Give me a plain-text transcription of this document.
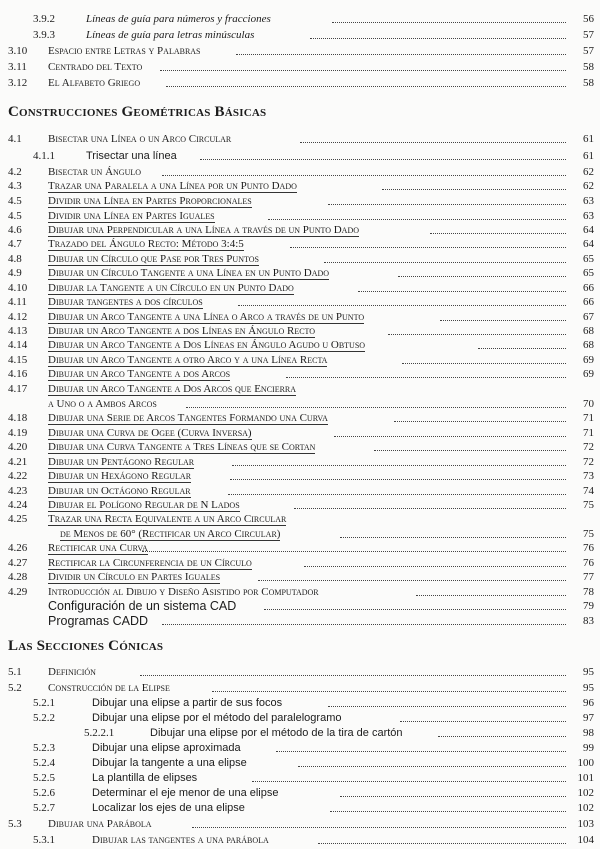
3.9.2	Líneas de guía para números y fracciones	56
3.9.3	Líneas de guía para letras minúsculas	57
3.10 Espacio entre Letras y Palabras	57
3.11 Centrado del Texto	58
3.12 El Alfabeto Griego	58
Construcciones Geométricas Básicas
4.1 Bisectar una Línea o un Arco Circular	61
4.1.1	Trisectar una línea	61
4.2 Bisectar un Ángulo	62
4.3 Trazar una Paralela a una Línea por un Punto Dado	62
4.5 Dividir una Línea en Partes Proporcionales	63
4.5 Dividir una Línea en Partes Iguales	63
4.6 Dibujar una Perpendicular a una Línea a través de un Punto Dado	64
4.7 Trazado del Ángulo Recto: Método 3:4:5	64
4.8 Dibujar un Círculo que Pase por Tres Puntos	65
4.9 Dibujar un Círculo Tangente a una Línea en un Punto Dado	65
4.10 Dibujar la Tangente a un Círculo en un Punto Dado	66
4.11 Dibujar tangentes a dos círculos	66
4.12 Dibujar un Arco Tangente a una Línea o Arco a través de un Punto	67
4.13 Dibujar un Arco Tangente a dos Líneas en Ángulo Recto	68
4.14 Dibujar un Arco Tangente a Dos Líneas en Ángulo Agudo u Obtuso	68
4.15 Dibujar un Arco Tangente a otro Arco y a una Línea Recta	69
4.16 Dibujar un Arco Tangente a dos Arcos	69
4.17 Dibujar un Arco Tangente a Dos Arcos que Encierra
a Uno o a Ambos Arcos	70
4.18 Dibujar una Serie de Arcos Tangentes Formando una Curva	71
4.19 Dibujar una Curva de Ogee (Curva Inversa)	71
4.20 Dibujar una Curva Tangente a Tres Líneas que se Cortan	72
4.21 Dibujar un Pentágono Regular	72
4.22 Dibujar un Hexágono Regular	73
4.23 Dibujar un Octágono Regular	74
4.24 Dibujar el Polígono Regular de N Lados	75
4.25 Trazar una Recta Equivalente a un Arco Circular
de Menos de 60° (Rectificar un Arco Circular)	75
4.26 Rectificar una Curva	76
4.27 Rectificar la Circunferencia de un Círculo	76
4.28 Dividir un Círculo en Partes Iguales	77
4.29 Introducción al Dibujo y Diseño Asistido por Computador	78
Configuración de un sistema CAD	79
Programas CADD	83
Las Secciones Cónicas
5.1 Definición	95
5.2 Construcción de la Elipse	95
5.2.1	Dibujar una elipse a partir de sus focos	96
5.2.2	Dibujar una elipse por el método del paralelogramo	97
5.2.2.1	Dibujar una elipse por el método de la tira de cartón	98
5.2.3	Dibujar una elipse aproximada	99
5.2.4	Dibujar la tangente a una elipse	100
5.2.5	La plantilla de elipses	101
5.2.6	Determinar el eje menor de una elipse	102
5.2.7	Localizar los ejes de una elipse	102
5.3 Dibujar una Parábola	103
5.3.1	Dibujar las tangentes a una parábola	104
